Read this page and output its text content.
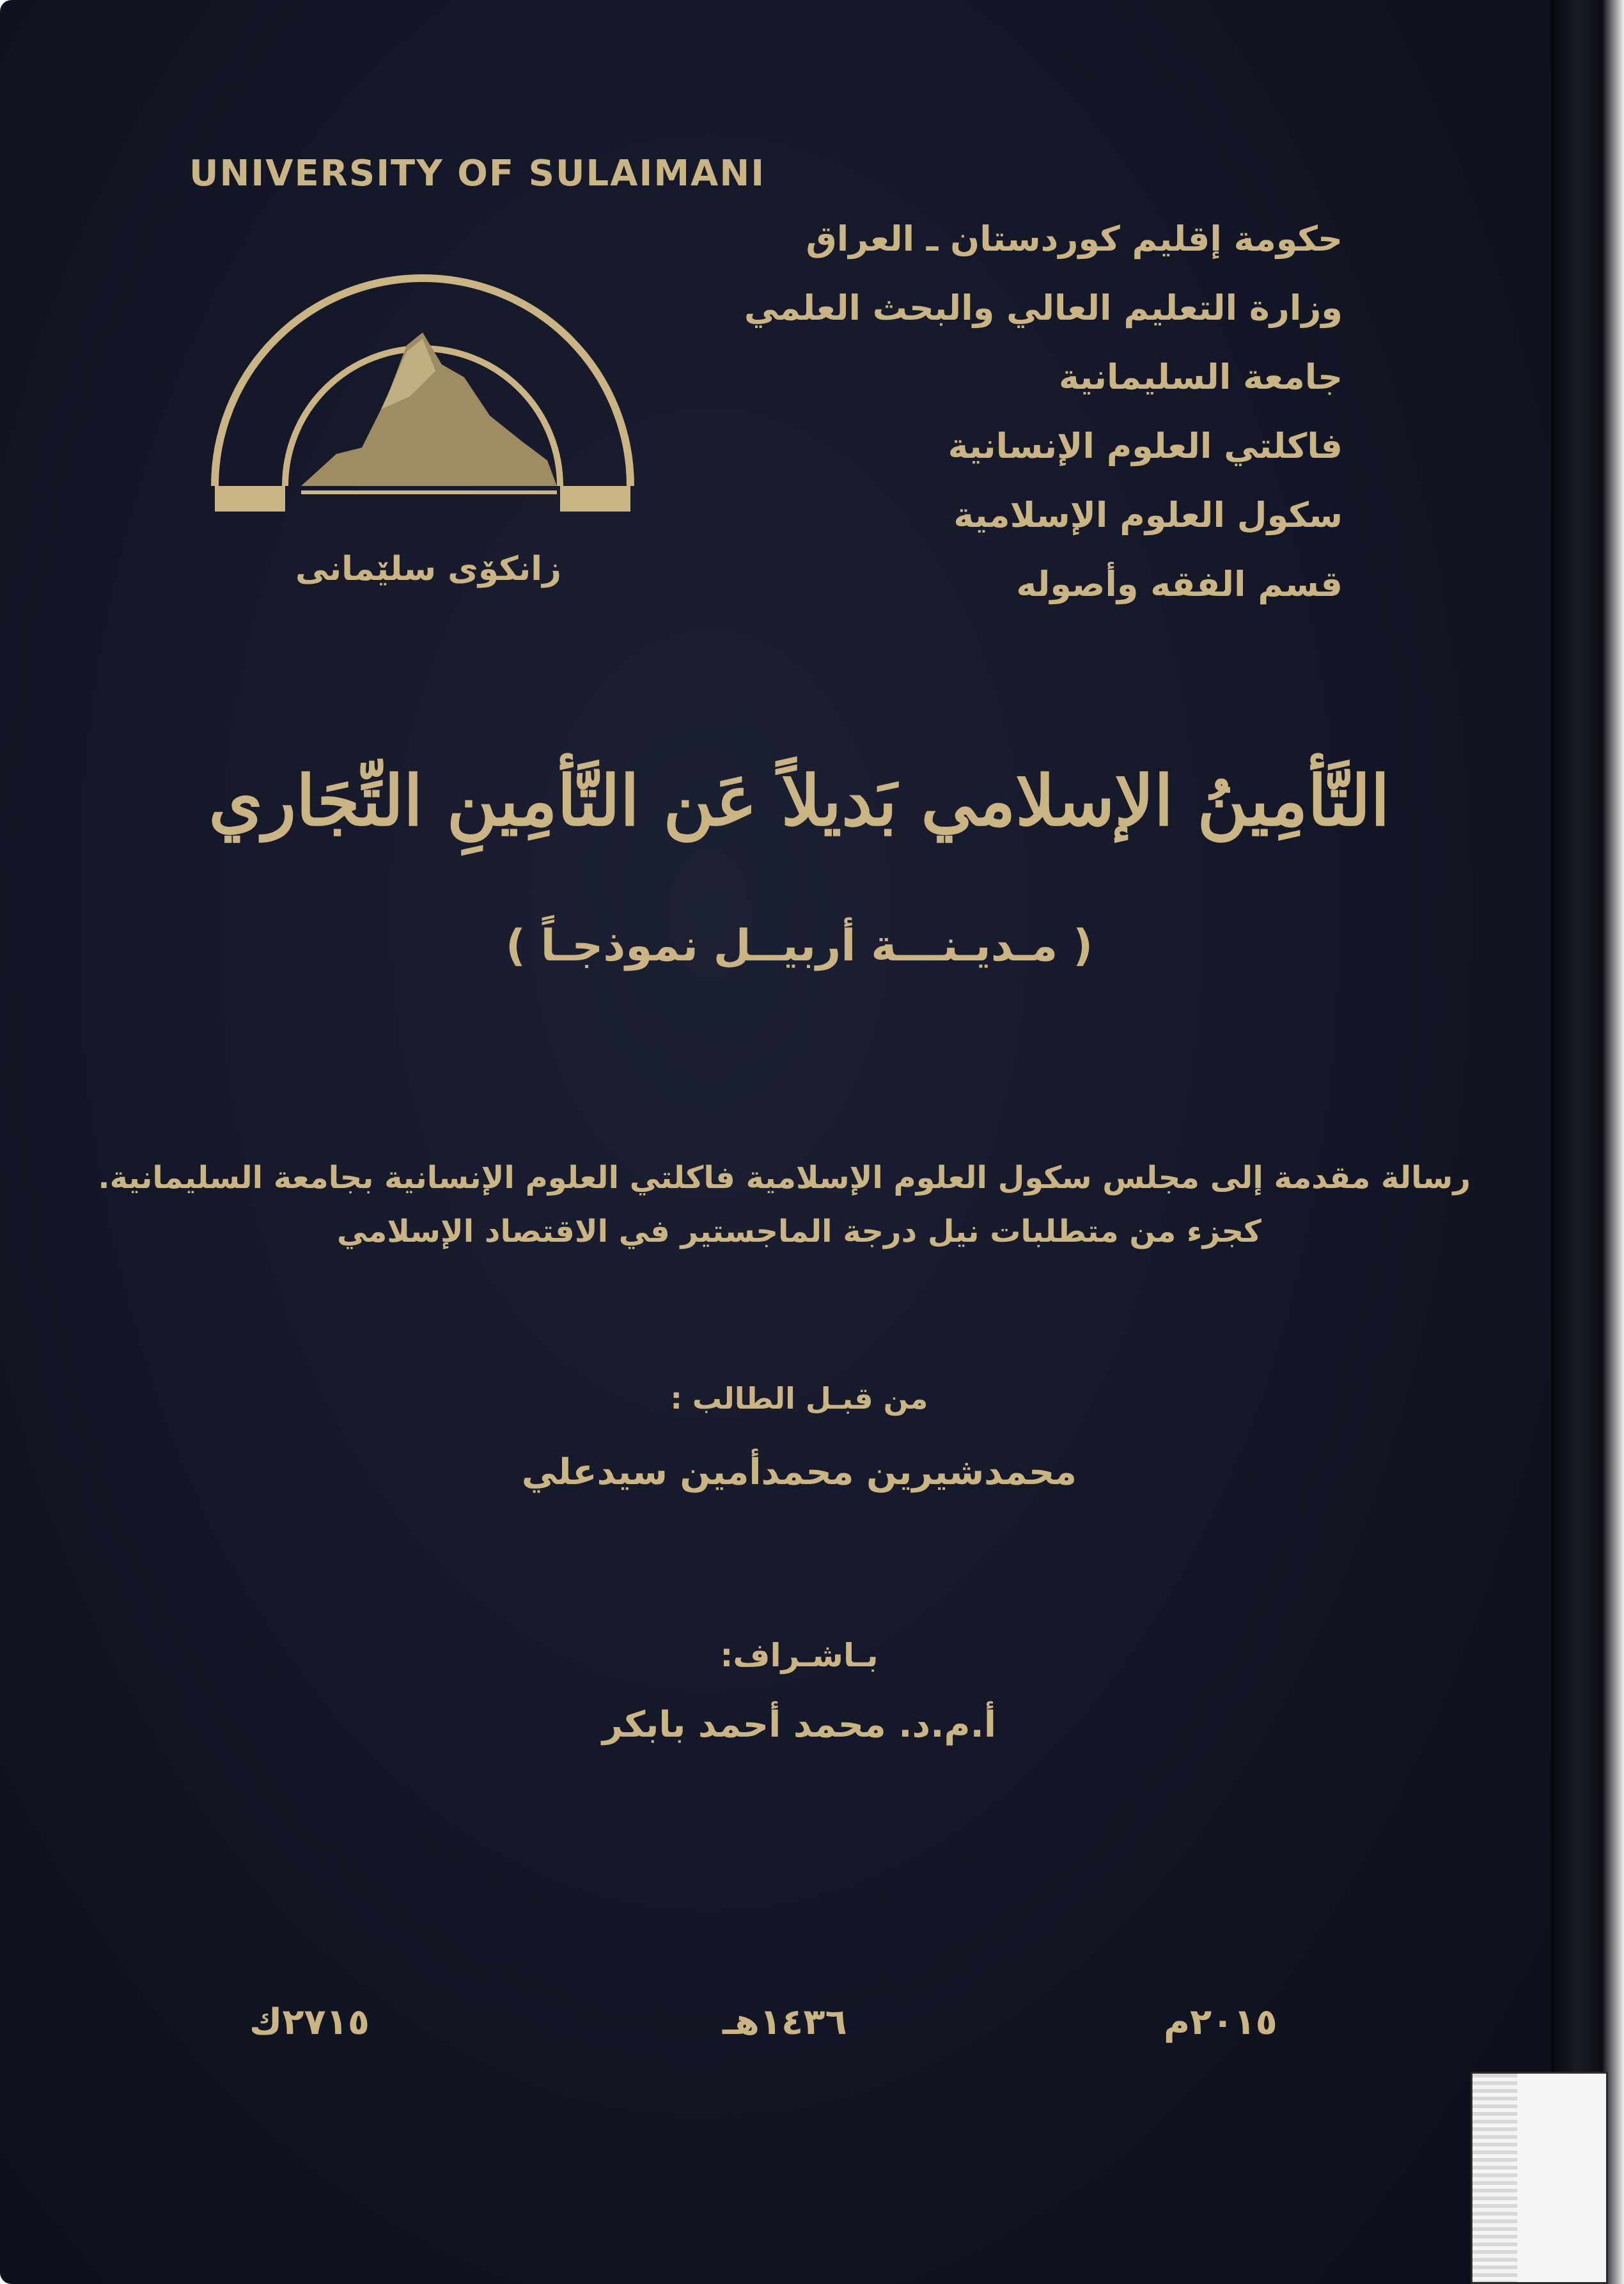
UNIVERSITY OF SULAIMANI
زانكۆی سلێمانی
حكومة إقليم كوردستان ـ العراق
وزارة التعليم العالي والبحث العلمي
جامعة السليمانية
فاكلتي العلوم الإنسانية
سكول العلوم الإسلامية
قسم الفقه وأصوله
التَّأمِينُ الإسلامي بَديلاً عَن التَّأمِينِ التِّجَاري
( مـديـنـــة أربيــل نموذجـاً )
رسالة مقدمة إلى مجلس سكول العلوم الإسلامية فاكلتي العلوم الإنسانية بجامعة السليمانية.
كجزء من متطلبات نيل درجة الماجستير في الاقتصاد الإسلامي
من قبـل الطالب :
محمدشيرين محمدأمين سيدعلي
بـاشـراف:
أ.م.د. محمد أحمد بابكر
٢٠١٥م
١٤٣٦هـ
٢٧١٥ك
